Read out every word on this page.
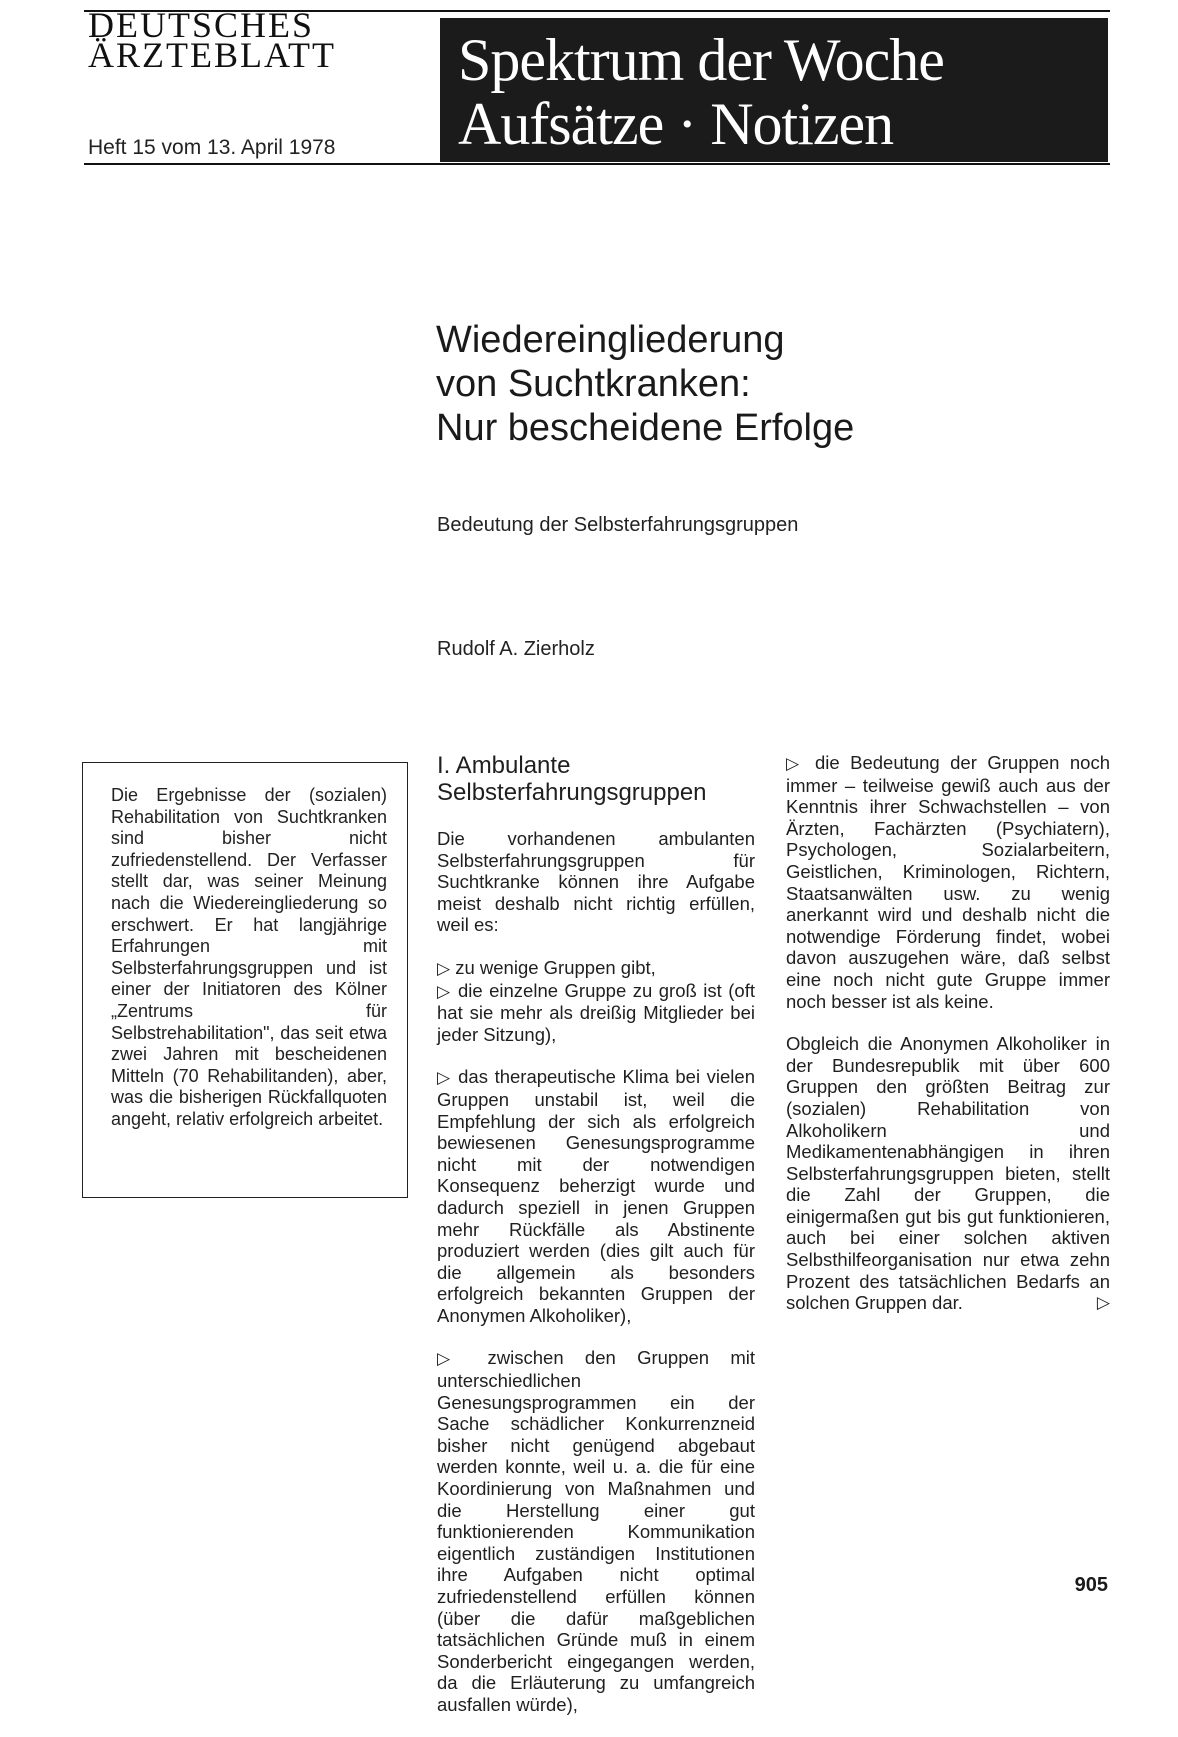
DEUTSCHES
ÄRZTEBLATT
Heft 15 vom 13. April 1978
Spektrum der Woche
Aufsätze · Notizen
Wiedereingliederung
von Suchtkranken:
Nur bescheidene Erfolge
Bedeutung der Selbsterfahrungsgruppen
Rudolf A. Zierholz
Die Ergebnisse der (sozialen) Rehabilitation von Suchtkranken sind bisher nicht zufriedenstellend. Der Verfasser stellt dar, was seiner Meinung nach die Wiedereingliederung so erschwert. Er hat langjährige Erfahrungen mit Selbsterfahrungsgruppen und ist einer der Initiatoren des Kölner „Zentrums für Selbstrehabilitation", das seit etwa zwei Jahren mit bescheidenen Mitteln (70 Rehabilitanden), aber, was die bisherigen Rückfallquoten angeht, relativ erfolgreich arbeitet.

I. Ambulante Selbsterfahrungsgruppen

Die vorhandenen ambulanten Selbsterfahrungsgruppen für Suchtkranke können ihre Aufgabe meist deshalb nicht richtig erfüllen, weil es:

▷ zu wenige Gruppen gibt,
▷ die einzelne Gruppe zu groß ist (oft hat sie mehr als dreißig Mitglieder bei jeder Sitzung),

▷ das therapeutische Klima bei vielen Gruppen unstabil ist, weil die Empfehlung der sich als erfolgreich bewiesenen Genesungsprogramme nicht mit der notwendigen Konsequenz beherzigt wurde und dadurch speziell in jenen Gruppen mehr Rückfälle als Abstinente produziert werden (dies gilt auch für die allgemein als besonders erfolgreich bekannten Gruppen der Anonymen Alkoholiker),

▷ zwischen den Gruppen mit unterschiedlichen Genesungsprogrammen ein der Sache schädlicher Konkurrenzneid bisher nicht genügend abgebaut werden konnte, weil u. a. die für eine Koordinierung von Maßnahmen und die Herstellung einer gut funktionierenden Kommunikation eigentlich zuständigen Institutionen ihre Aufgaben nicht optimal zufriedenstellend erfüllen können (über die dafür maßgeblichen tatsächlichen Gründe muß in einem Sonderbericht eingegangen werden, da die Erläuterung zu umfangreich ausfallen würde),

▷ die Bedeutung der Gruppen noch immer – teilweise gewiß auch aus der Kenntnis ihrer Schwachstellen – von Ärzten, Fachärzten (Psychiatern), Psychologen, Sozialarbeitern, Geistlichen, Kriminologen, Richtern, Staatsanwälten usw. zu wenig anerkannt wird und deshalb nicht die notwendige Förderung findet, wobei davon auszugehen wäre, daß selbst eine noch nicht gute Gruppe immer noch besser ist als keine.

Obgleich die Anonymen Alkoholiker in der Bundesrepublik mit über 600 Gruppen den größten Beitrag zur (sozialen) Rehabilitation von Alkoholikern und Medikamentenabhängigen in ihren Selbsterfahrungsgruppen bieten, stellt die Zahl der Gruppen, die einigermaßen gut bis gut funktionieren, auch bei einer solchen aktiven Selbsthilfeorganisation nur etwa zehn Prozent des tatsächlichen Bedarfs an solchen Gruppen dar.	▷

905
